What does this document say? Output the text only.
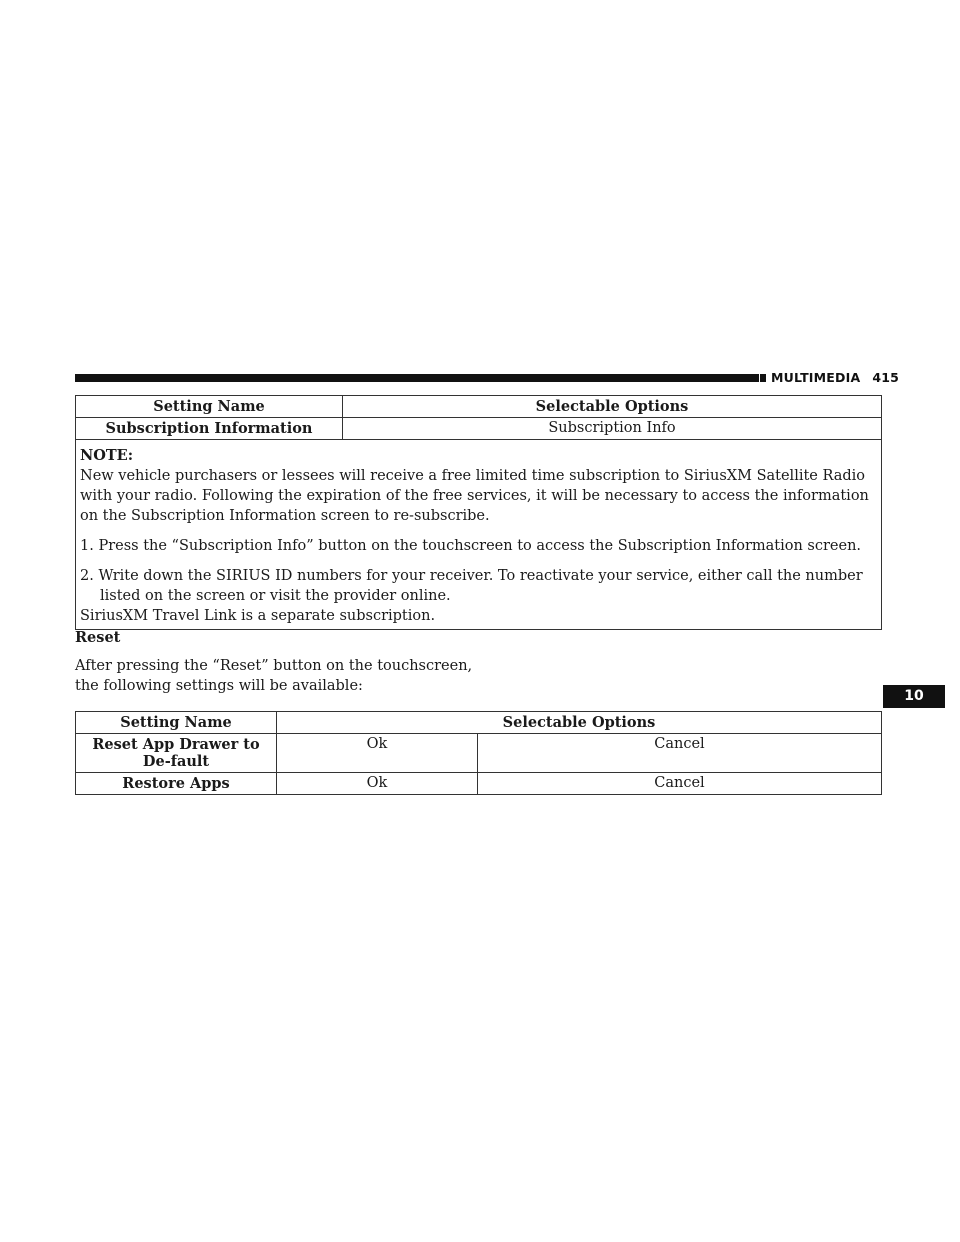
MULTIMEDIA 415
Setting Name	Selectable Options
Subscription Information	Subscription Info

NOTE:

New vehicle purchasers or lessees will receive a free limited time subscription to SiriusXM Satellite Radio with your radio. Following the expiration of the free services, it will be necessary to access the information on the Subscription Information screen to re-subscribe.

1. Press the “Subscription Info” button on the touchscreen to access the Subscription Information screen.

2. Write down the SIRIUS ID numbers for your receiver. To reactivate your service, either call the number listed on the screen or visit the provider online.

SiriusXM Travel Link is a separate subscription.	

Reset

After pressing the “Reset” button on the touchscreen, the following settings will be available:

Setting Name	Selectable Options	
Reset App Drawer to De-fault	Ok	Cancel
Restore Apps	Ok	Cancel
10
